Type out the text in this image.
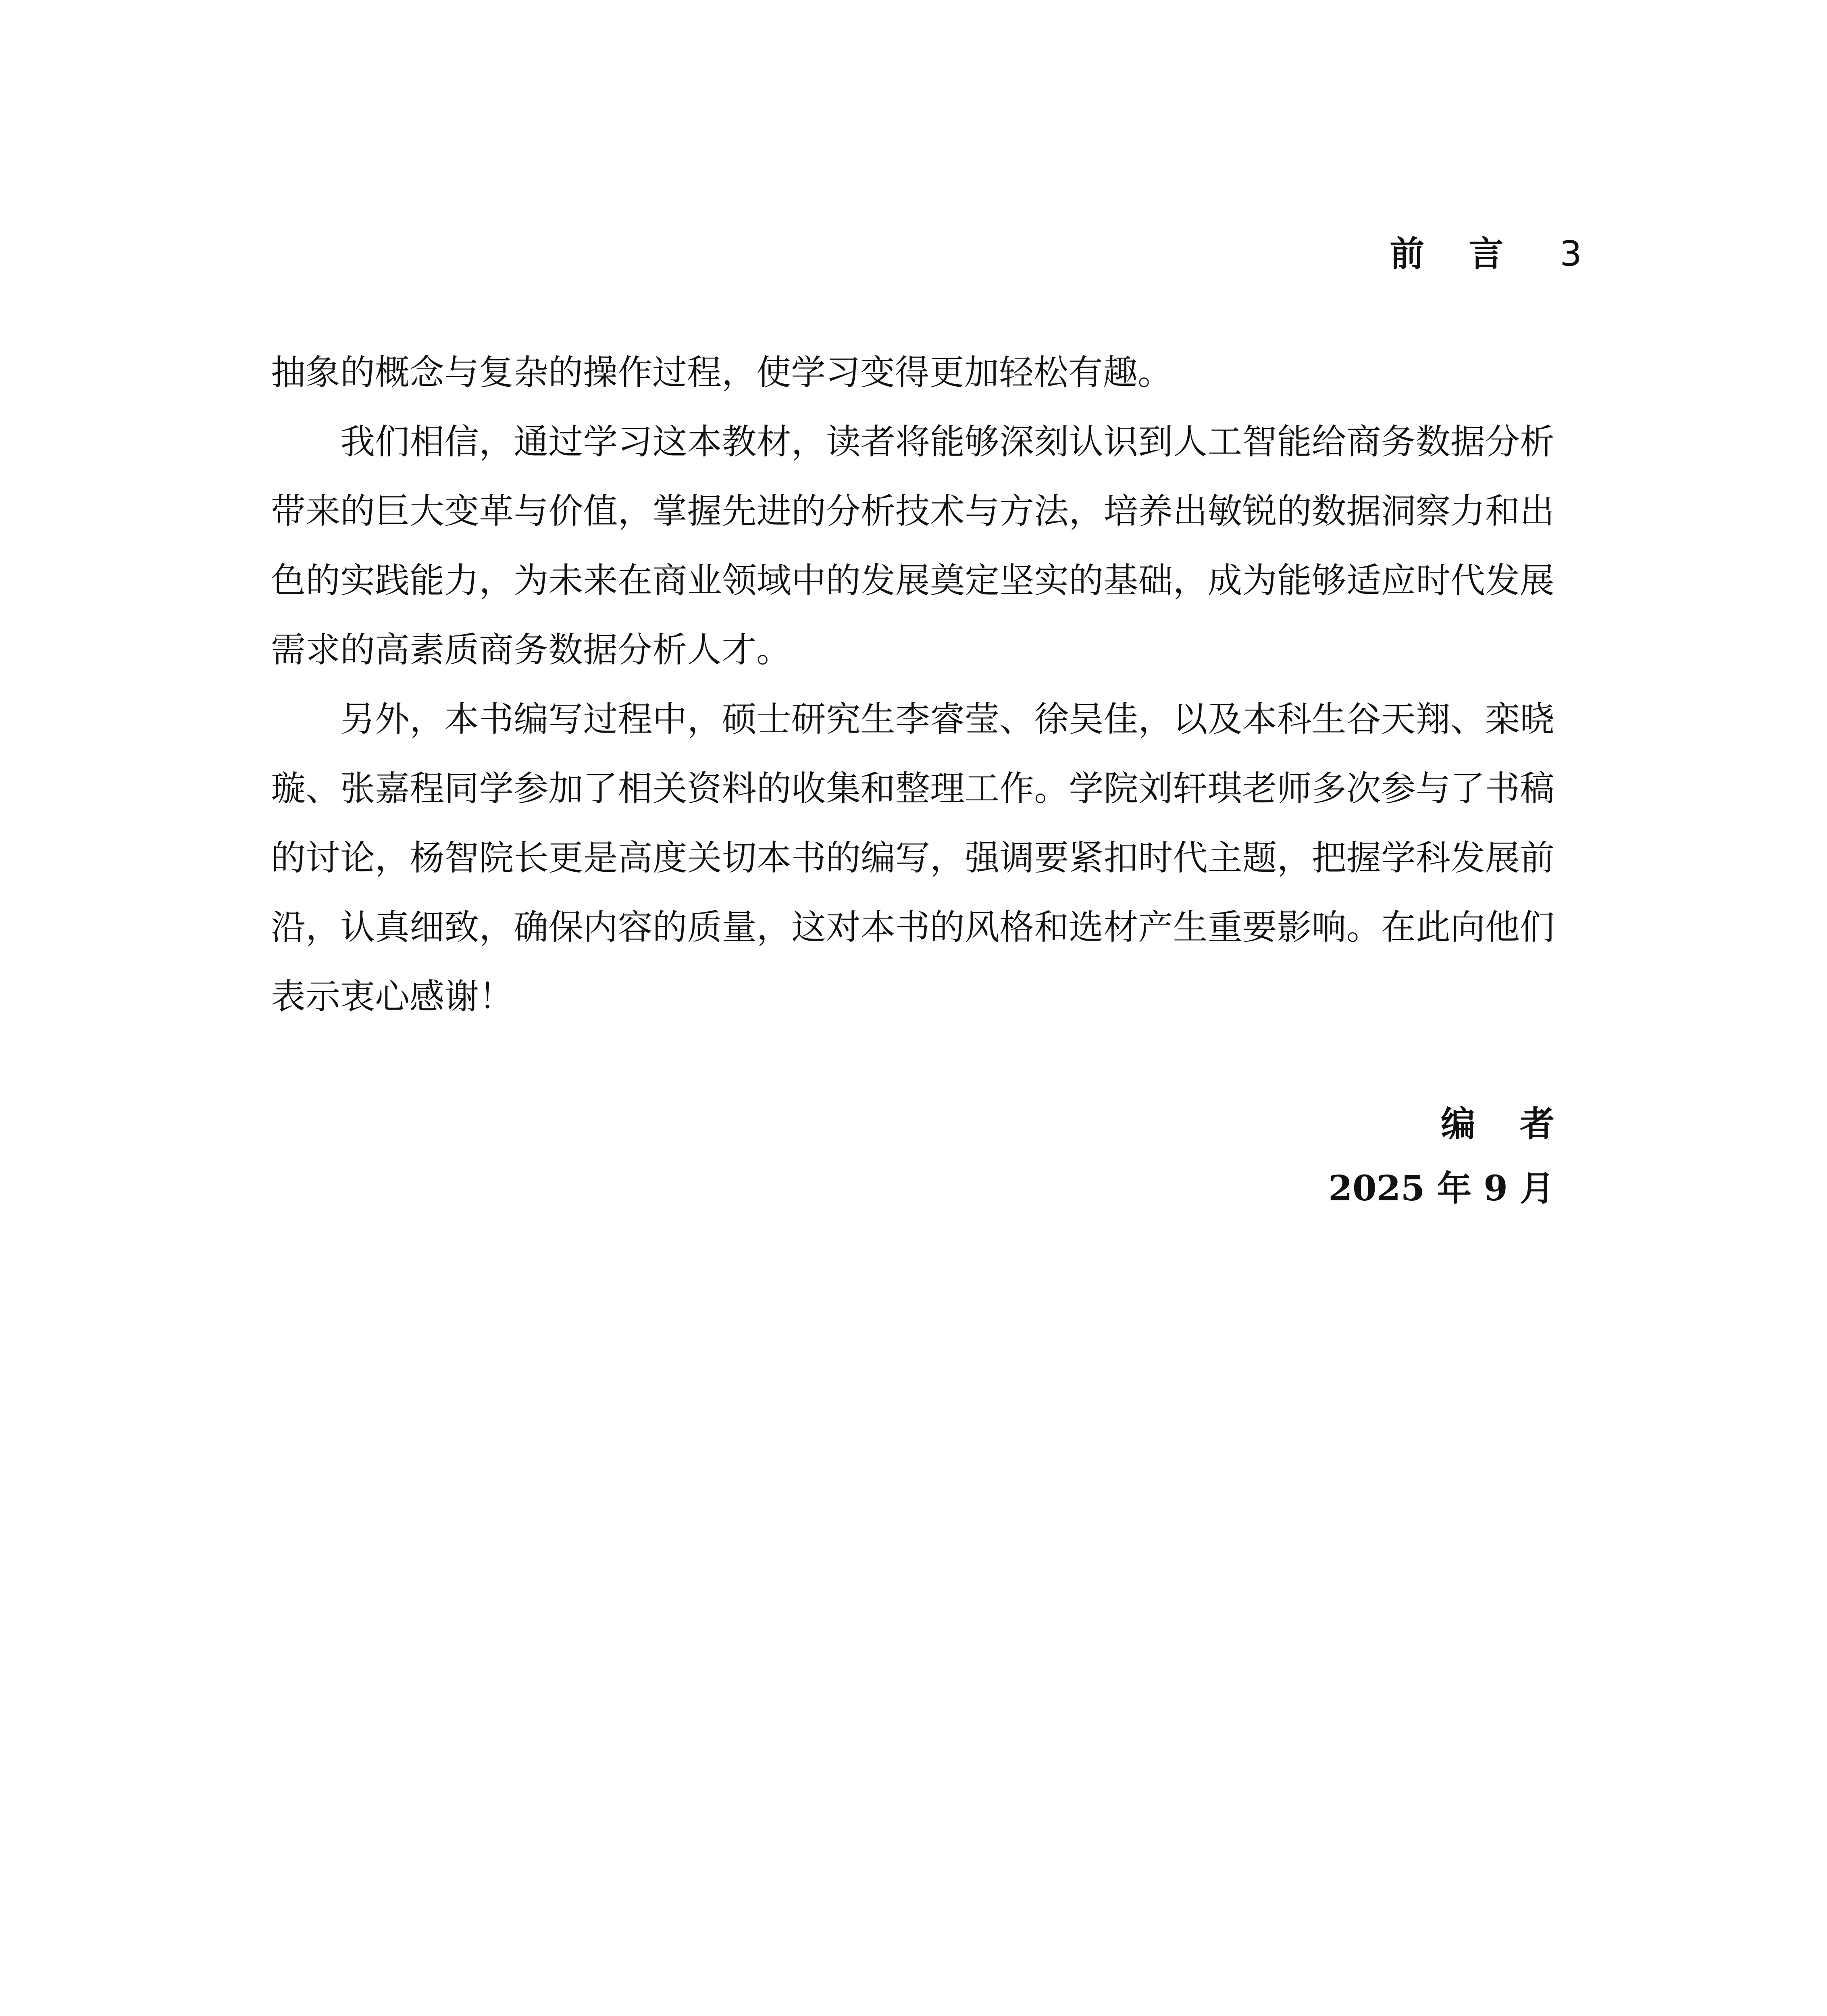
前言 3

抽象的概念与复杂的操作过程，使学习变得更加轻松有趣。

我们相信，通过学习这本教材，读者将能够深刻认识到人工智能给商务数据分析带来的巨大变革与价值，掌握先进的分析技术与方法，培养出敏锐的数据洞察力和出色的实践能力，为未来在商业领域中的发展奠定坚实的基础，成为能够适应时代发展需求的高素质商务数据分析人才。

另外，本书编写过程中，硕士研究生李睿莹、徐吴佳，以及本科生谷天翔、栾晓璇、张嘉程同学参加了相关资料的收集和整理工作。学院刘轩琪老师多次参与了书稿的讨论，杨智院长更是高度关切本书的编写，强调要紧扣时代主题，把握学科发展前沿，认真细致，确保内容的质量，这对本书的风格和选材产生重要影响。在此向他们表示衷心感谢！

编者
2025 年 9 月
